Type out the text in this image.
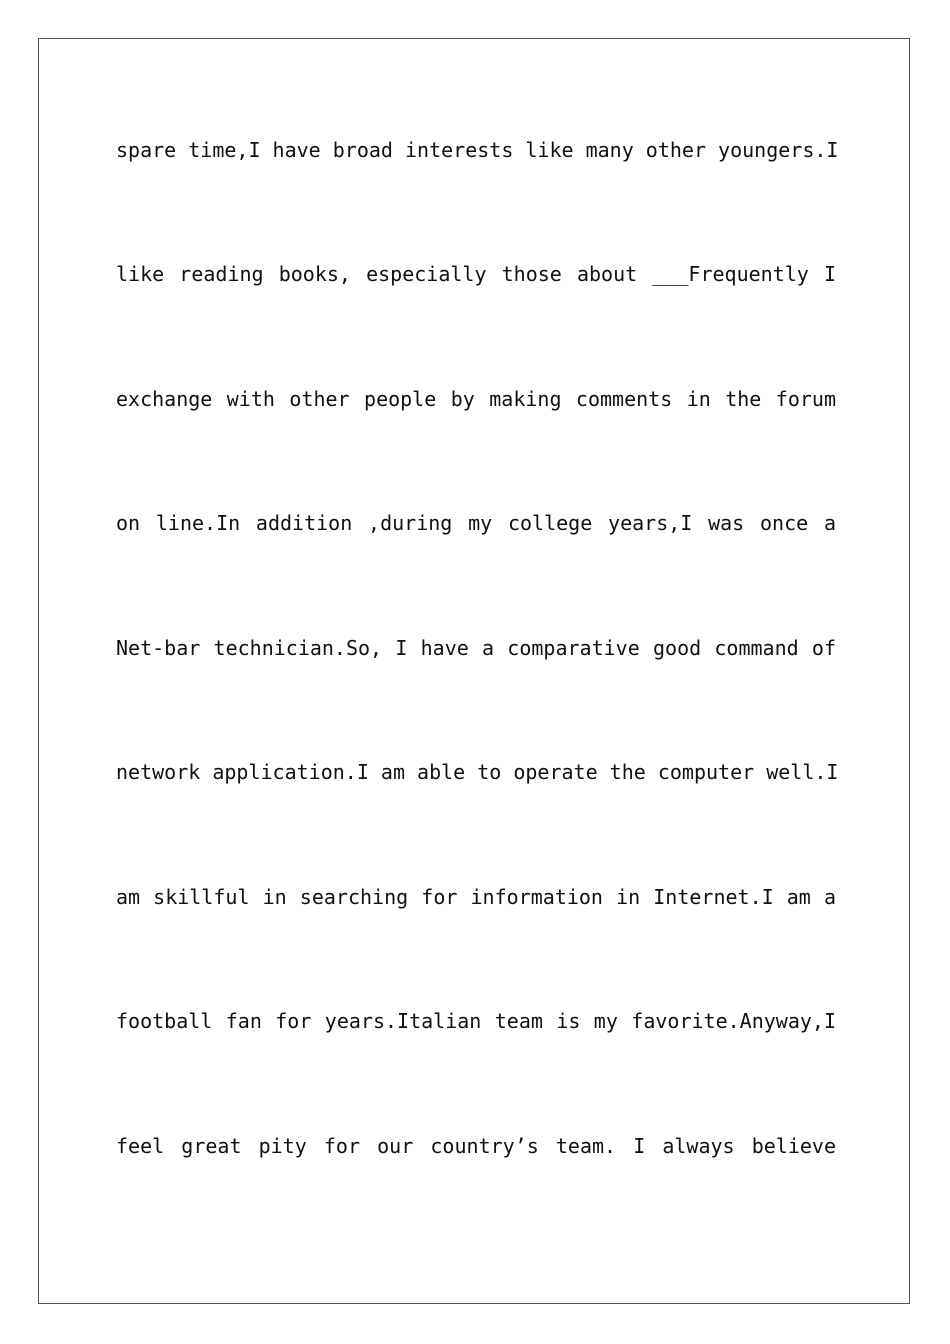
spare time,I have broad interests like many other youngers.I
like reading books, especially those about ___Frequently I
exchange with other people by making comments in the forum
on line.In addition ,during my college years,I was once a
Net-bar technician.So, I have a comparative good command of
network application.I am able to operate the computer well.I
am skillful in searching for information in Internet.I am a
football fan for years.Italian team is my favorite.Anyway,I
feel great pity for our country’s team. I always believe
